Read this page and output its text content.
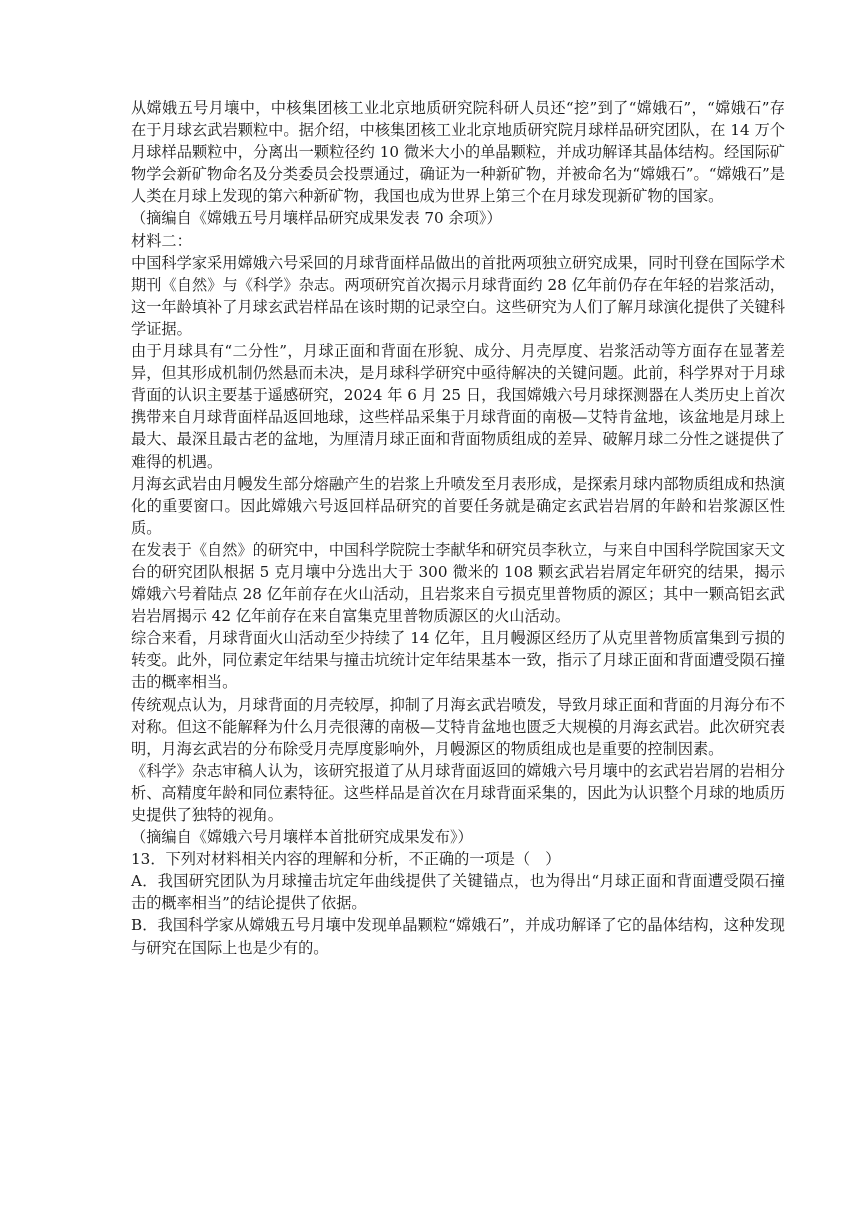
从嫦娥五号月壤中，中核集团核工业北京地质研究院科研人员还“挖”到了“嫦娥石”，“嫦娥石”存在于月球玄武岩颗粒中。据介绍，中核集团核工业北京地质研究院月球样品研究团队，在 14 万个月球样品颗粒中，分离出一颗粒径约 10 微米大小的单晶颗粒，并成功解译其晶体结构。经国际矿物学会新矿物命名及分类委员会投票通过，确证为一种新矿物，并被命名为“嫦娥石”。“嫦娥石”是人类在月球上发现的第六种新矿物，我国也成为世界上第三个在月球发现新矿物的国家。

（摘编自《嫦娥五号月壤样品研究成果发表 70 余项》）

材料二：

中国科学家采用嫦娥六号采回的月球背面样品做出的首批两项独立研究成果，同时刊登在国际学术期刊《自然》与《科学》杂志。两项研究首次揭示月球背面约 28 亿年前仍存在年轻的岩浆活动，这一年龄填补了月球玄武岩样品在该时期的记录空白。这些研究为人们了解月球演化提供了关键科学证据。

由于月球具有“二分性”，月球正面和背面在形貌、成分、月壳厚度、岩浆活动等方面存在显著差异，但其形成机制仍然悬而未决，是月球科学研究中亟待解决的关键问题。此前，科学界对于月球背面的认识主要基于遥感研究，2024 年 6 月 25 日，我国嫦娥六号月球探测器在人类历史上首次携带来自月球背面样品返回地球，这些样品采集于月球背面的南极—艾特肯盆地，该盆地是月球上最大、最深且最古老的盆地，为厘清月球正面和背面物质组成的差异、破解月球二分性之谜提供了难得的机遇。

月海玄武岩由月幔发生部分熔融产生的岩浆上升喷发至月表形成，是探索月球内部物质组成和热演化的重要窗口。因此嫦娥六号返回样品研究的首要任务就是确定玄武岩岩屑的年龄和岩浆源区性质。

在发表于《自然》的研究中，中国科学院院士李献华和研究员李秋立，与来自中国科学院国家天文台的研究团队根据 5 克月壤中分选出大于 300 微米的 108 颗玄武岩岩屑定年研究的结果，揭示嫦娥六号着陆点 28 亿年前存在火山活动，且岩浆来自亏损克里普物质的源区；其中一颗高铝玄武岩岩屑揭示 42 亿年前存在来自富集克里普物质源区的火山活动。

综合来看，月球背面火山活动至少持续了 14 亿年，且月幔源区经历了从克里普物质富集到亏损的转变。此外，同位素定年结果与撞击坑统计定年结果基本一致，指示了月球正面和背面遭受陨石撞击的概率相当。

传统观点认为，月球背面的月壳较厚，抑制了月海玄武岩喷发，导致月球正面和背面的月海分布不对称。但这不能解释为什么月壳很薄的南极—艾特肯盆地也匮乏大规模的月海玄武岩。此次研究表明，月海玄武岩的分布除受月壳厚度影响外，月幔源区的物质组成也是重要的控制因素。

《科学》杂志审稿人认为，该研究报道了从月球背面返回的嫦娥六号月壤中的玄武岩岩屑的岩相分析、高精度年龄和同位素特征。这些样品是首次在月球背面采集的，因此为认识整个月球的地质历史提供了独特的视角。

（摘编自《嫦娥六号月壤样本首批研究成果发布》）

13．下列对材料相关内容的理解和分析，不正确的一项是（　）

A．我国研究团队为月球撞击坑定年曲线提供了关键锚点，也为得出“月球正面和背面遭受陨石撞击的概率相当”的结论提供了依据。

B．我国科学家从嫦娥五号月壤中发现单晶颗粒“嫦娥石”，并成功解译了它的晶体结构，这种发现与研究在国际上也是少有的。
